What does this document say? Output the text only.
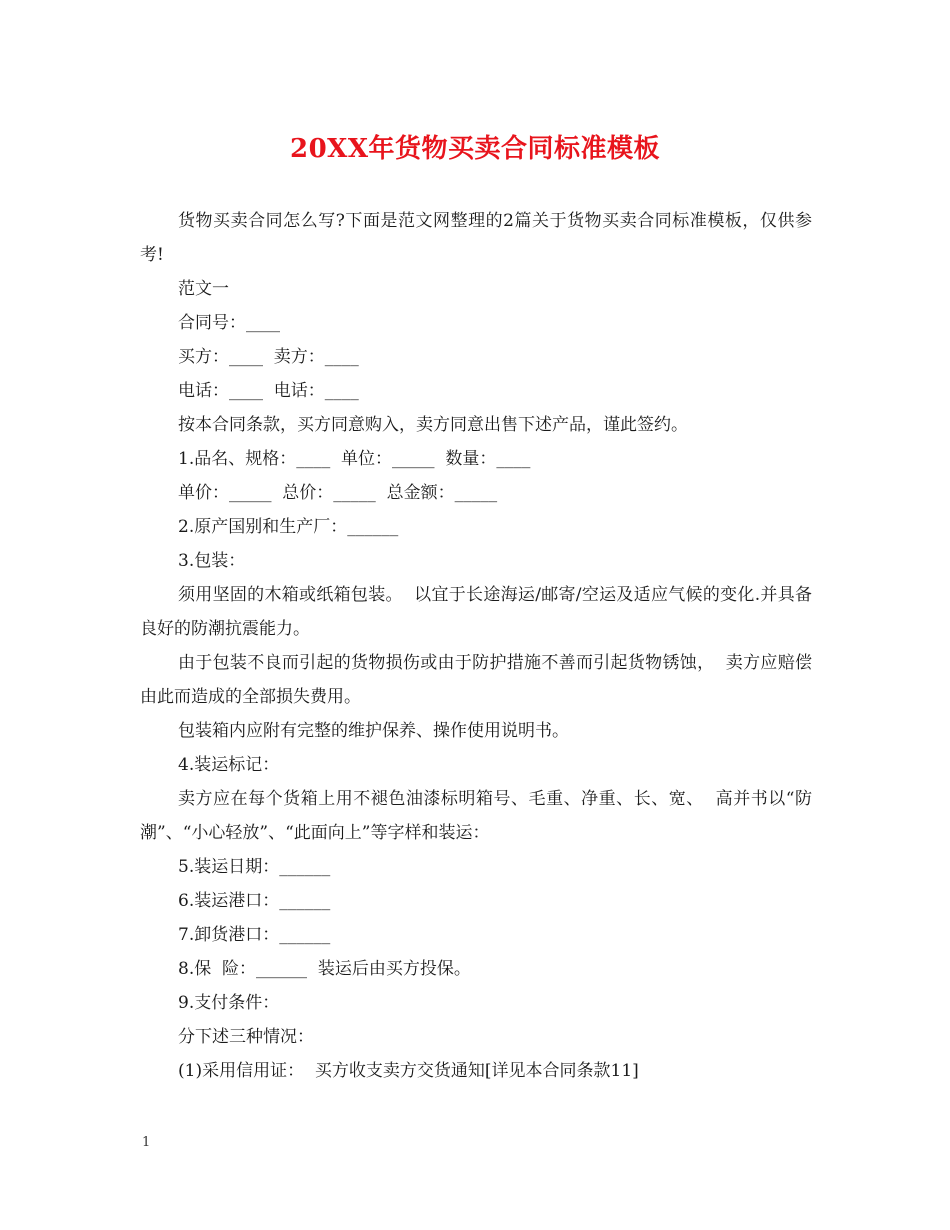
20XX年货物买卖合同标准模板

货物买卖合同怎么写?下面是范文网整理的2篇关于货物买卖合同标准模板，仅供参考!

范文一

合同号：____

买方：____  卖方：____

电话：____  电话：____

按本合同条款，买方同意购入，卖方同意出售下述产品，谨此签约。

1.品名、规格：____  单位：_____  数量：____

单价：_____  总价：_____  总金额：_____

2.原产国别和生产厂：______

3.包装：

须用坚固的木箱或纸箱包装。  以宜于长途海运/邮寄/空运及适应气候的变化.并具备良好的防潮抗震能力。

由于包装不良而引起的货物损伤或由于防护措施不善而引起货物锈蚀，  卖方应赔偿由此而造成的全部损失费用。

包装箱内应附有完整的维护保养、操作使用说明书。

4.装运标记：

卖方应在每个货箱上用不褪色油漆标明箱号、毛重、净重、长、宽、  高并书以“防潮”、“小心轻放”、“此面向上”等字样和装运：

5.装运日期：______

6.装运港口：______

7.卸货港口：______

8.保  险：______  装运后由买方投保。

9.支付条件：

分下述三种情况：

(1)采用信用证：  买方收支卖方交货通知[详见本合同条款11]

1
